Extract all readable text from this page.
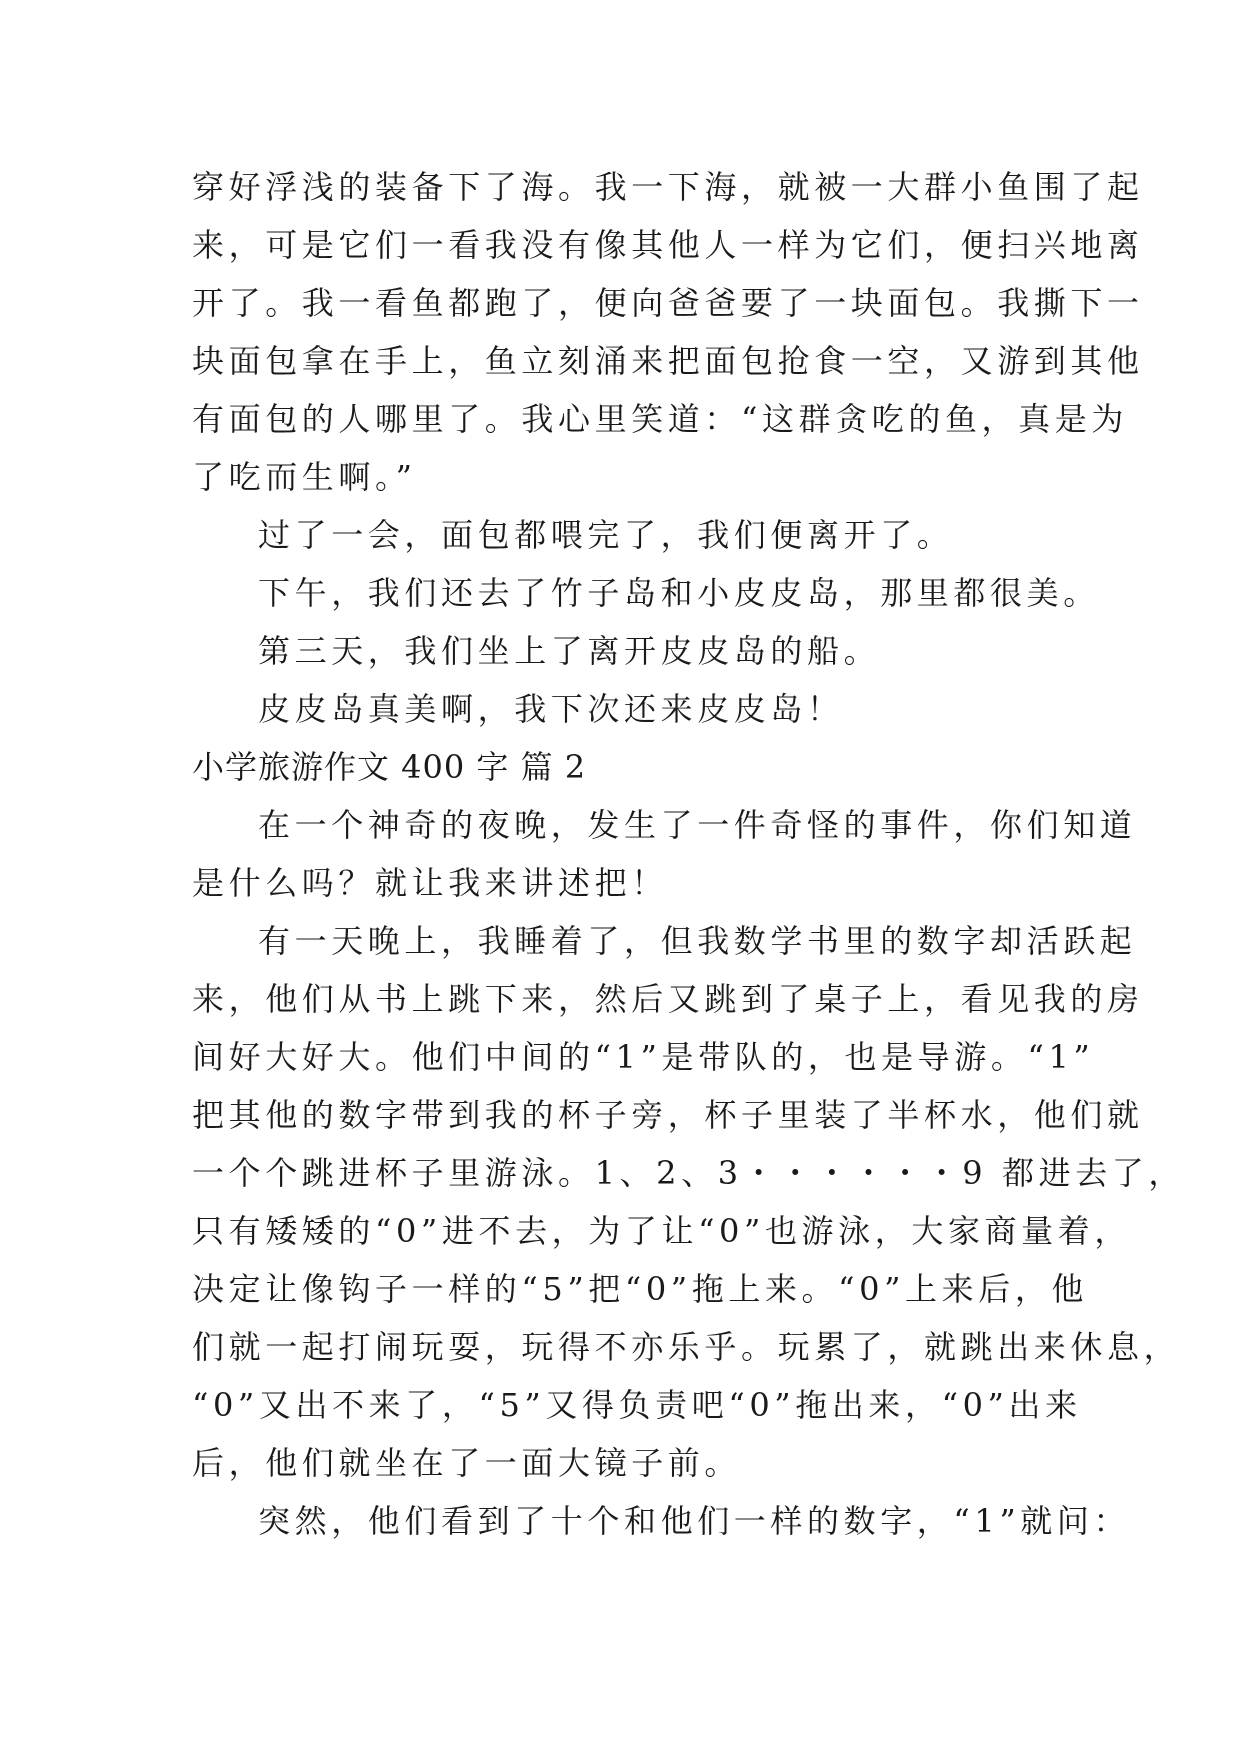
穿好浮浅的装备下了海。我一下海，就被一大群小鱼围了起
来，可是它们一看我没有像其他人一样为它们，便扫兴地离
开了。我一看鱼都跑了，便向爸爸要了一块面包。我撕下一
块面包拿在手上，鱼立刻涌来把面包抢食一空，又游到其他
有面包的人哪里了。我心里笑道：“这群贪吃的鱼，真是为
了吃而生啊。”
过了一会，面包都喂完了，我们便离开了。
下午，我们还去了竹子岛和小皮皮岛，那里都很美。
第三天，我们坐上了离开皮皮岛的船。
皮皮岛真美啊，我下次还来皮皮岛！
小学旅游作文 400 字 篇 2
在一个神奇的夜晚，发生了一件奇怪的事件，你们知道
是什么吗？就让我来讲述把！
有一天晚上，我睡着了，但我数学书里的数字却活跃起
来，他们从书上跳下来，然后又跳到了桌子上，看见我的房
间好大好大。他们中间的“1”是带队的，也是导游。“1”
把其他的数字带到我的杯子旁，杯子里装了半杯水，他们就
一个个跳进杯子里游泳。1、2、3・・・・・・9 都进去了，
只有矮矮的“0”进不去，为了让“0”也游泳，大家商量着，
决定让像钩子一样的“5”把“0”拖上来。“0”上来后，他
们就一起打闹玩耍，玩得不亦乐乎。玩累了，就跳出来休息，
“0”又出不来了，“5”又得负责吧“0”拖出来，“0”出来
后，他们就坐在了一面大镜子前。
突然，他们看到了十个和他们一样的数字，“1”就问：
